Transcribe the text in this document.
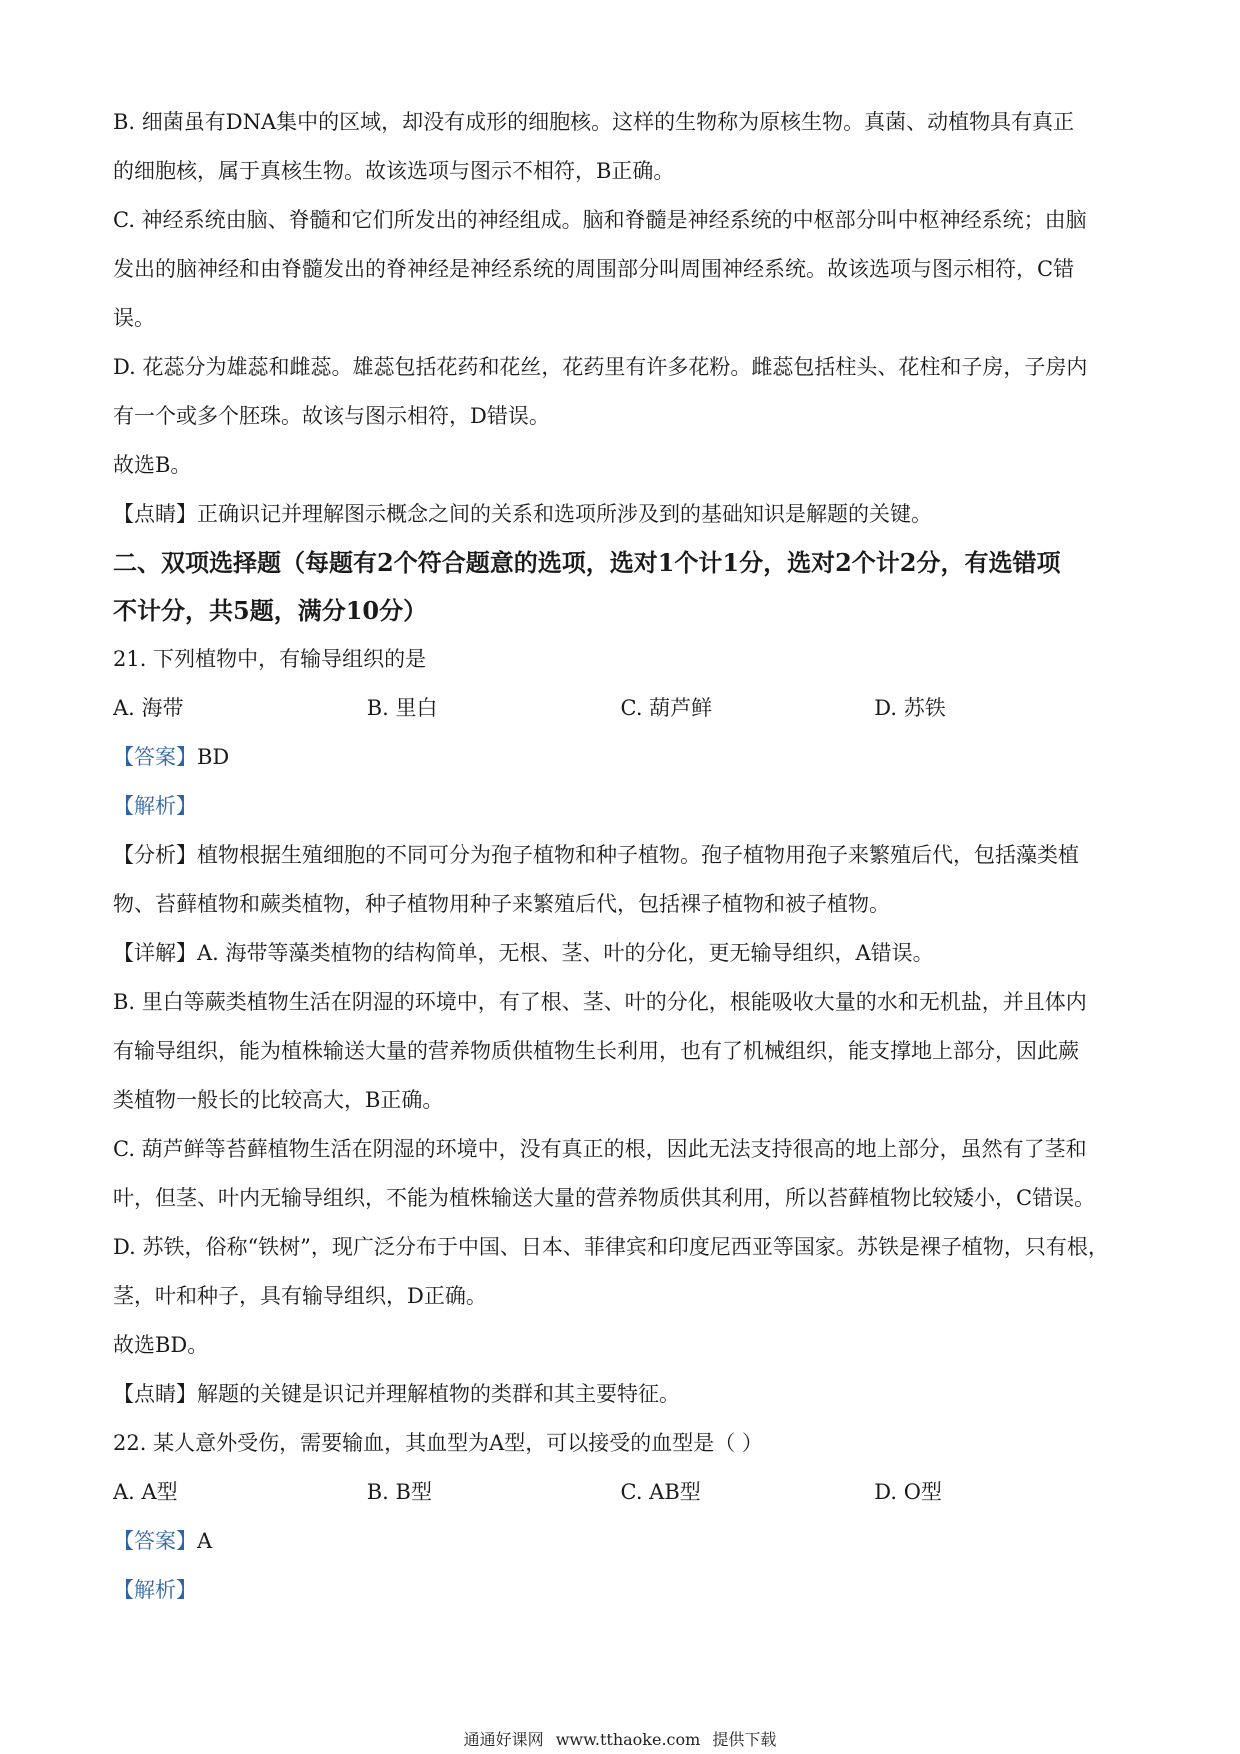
B. 细菌虽有DNA集中的区域，却没有成形的细胞核。这样的生物称为原核生物。真菌、动植物具有真正

的细胞核，属于真核生物。故该选项与图示不相符，B正确。

C. 神经系统由脑、脊髓和它们所发出的神经组成。脑和脊髓是神经系统的中枢部分叫中枢神经系统；由脑

发出的脑神经和由脊髓发出的脊神经是神经系统的周围部分叫周围神经系统。故该选项与图示相符，C错

误。

D. 花蕊分为雄蕊和雌蕊。雄蕊包括花药和花丝，花药里有许多花粉。雌蕊包括柱头、花柱和子房，子房内

有一个或多个胚珠。故该与图示相符，D错误。

故选B。

【点睛】正确识记并理解图示概念之间的关系和选项所涉及到的基础知识是解题的关键。

二、双项选择题（每题有2个符合题意的选项，选对1个计1分，选对2个计2分，有选错项

不计分，共5题，满分10分）

21. 下列植物中，有输导组织的是

A. 海带	B. 里白	C. 葫芦鲜	D. 苏铁

【答案】BD

【解析】

【分析】植物根据生殖细胞的不同可分为孢子植物和种子植物。孢子植物用孢子来繁殖后代，包括藻类植

物、苔藓植物和蕨类植物，种子植物用种子来繁殖后代，包括裸子植物和被子植物。

【详解】A. 海带等藻类植物的结构简单，无根、茎、叶的分化，更无输导组织，A错误。

B. 里白等蕨类植物生活在阴湿的环境中，有了根、茎、叶的分化，根能吸收大量的水和无机盐，并且体内

有输导组织，能为植株输送大量的营养物质供植物生长利用，也有了机械组织，能支撑地上部分，因此蕨

类植物一般长的比较高大，B正确。

C. 葫芦鲜等苔藓植物生活在阴湿的环境中，没有真正的根，因此无法支持很高的地上部分，虽然有了茎和

叶，但茎、叶内无输导组织，不能为植株输送大量的营养物质供其利用，所以苔藓植物比较矮小，C错误。

D. 苏铁，俗称“铁树”，现广泛分布于中国、日本、菲律宾和印度尼西亚等国家。苏铁是裸子植物，只有根，

茎，叶和种子，具有输导组织，D正确。

故选BD。

【点睛】解题的关键是识记并理解植物的类群和其主要特征。

22. 某人意外受伤，需要输血，其血型为A型，可以接受的血型是（ ）

A. A型	B. B型	C. AB型	D. O型

【答案】A

【解析】

通通好课网 www.tthaoke.com 提供下载
